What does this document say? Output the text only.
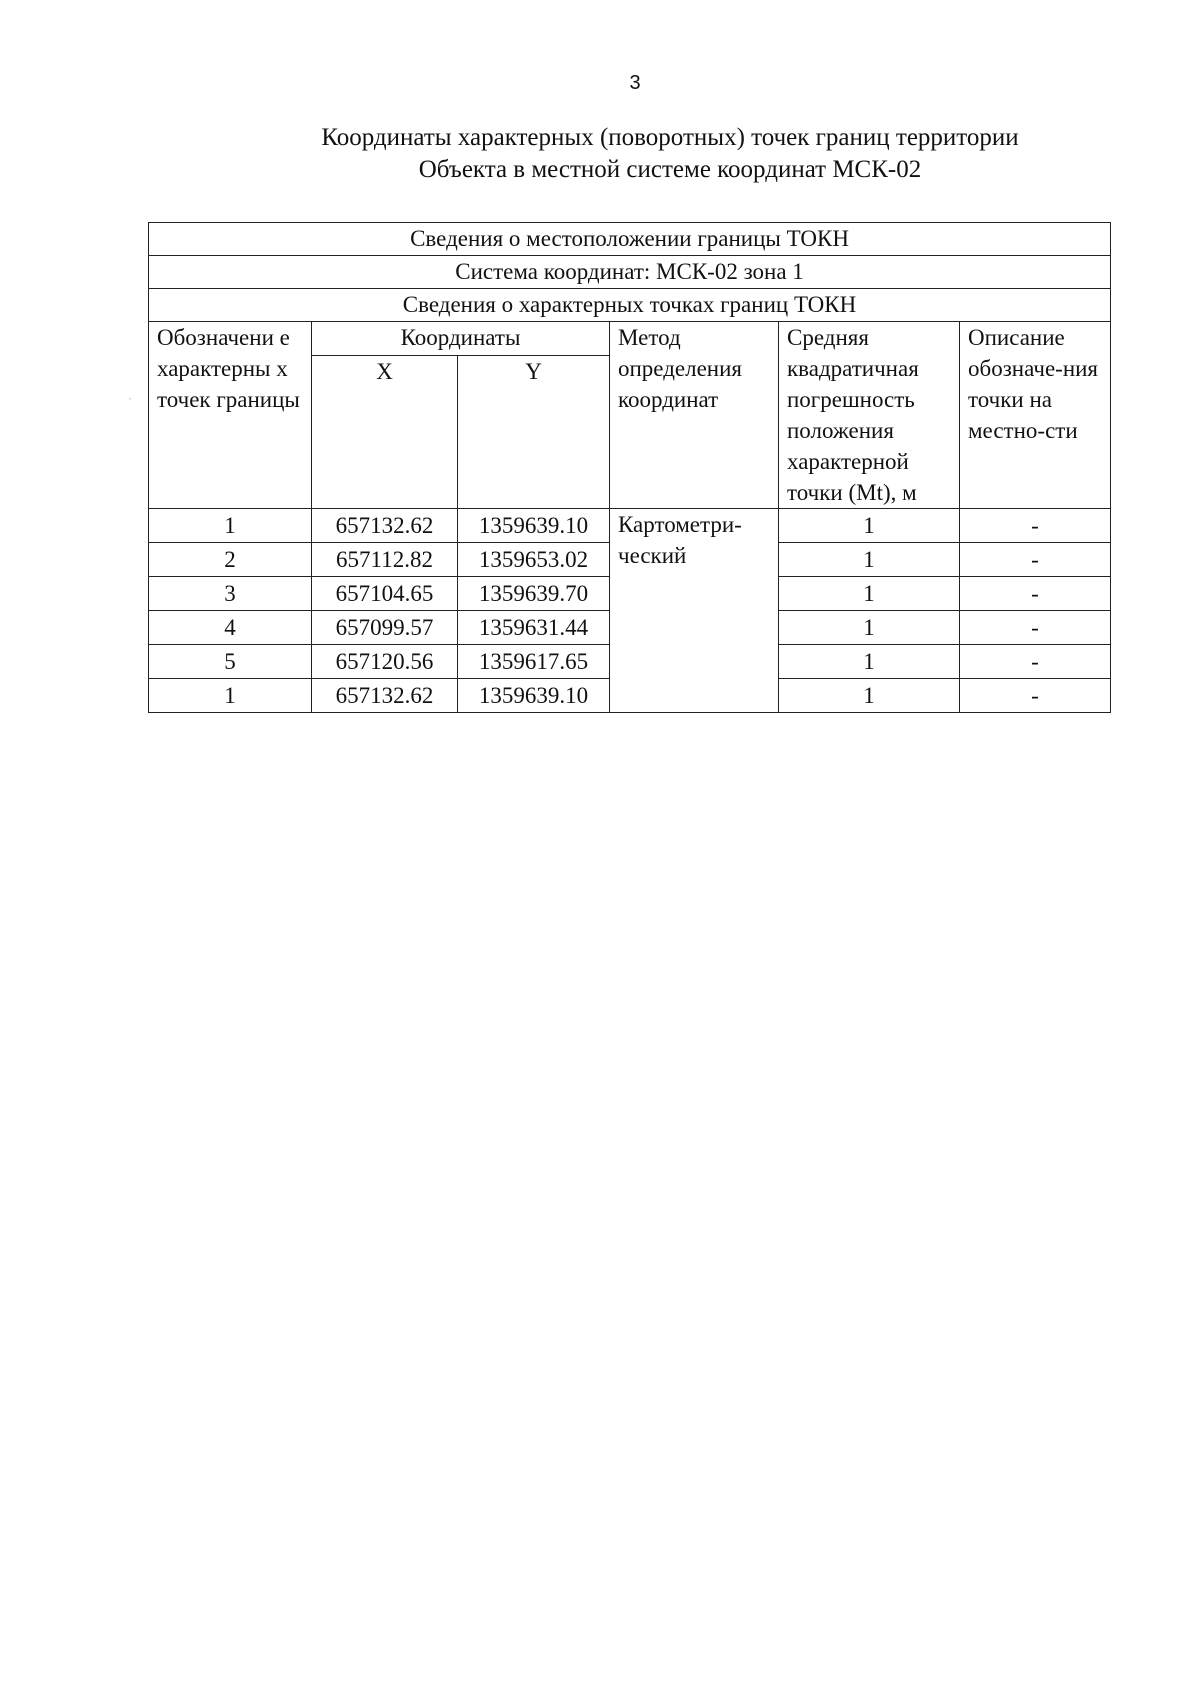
3
Координаты характерных (поворотных) точек границ территории
Объекта в местной системе координат МСК-02
Сведения о местоположении границы ТОКН					
Система координат: МСК-02 зона 1					
Сведения о характерных точках границ ТОКН					
Обозначени е характерны х точек границы	Координаты		Метод определения координат	Средняя квадратичная погрешность положения характерной точки (Mt), м	Описание обозначе-ния точки на местно-сти
	X	Y			
1	657132.62	1359639.10	Картометри-ческий	1	-
2	657112.82	1359653.02		1	-
3	657104.65	1359639.70		1	-
4	657099.57	1359631.44		1	-
5	657120.56	1359617.65		1	-
1	657132.62	1359639.10		1	-
·
